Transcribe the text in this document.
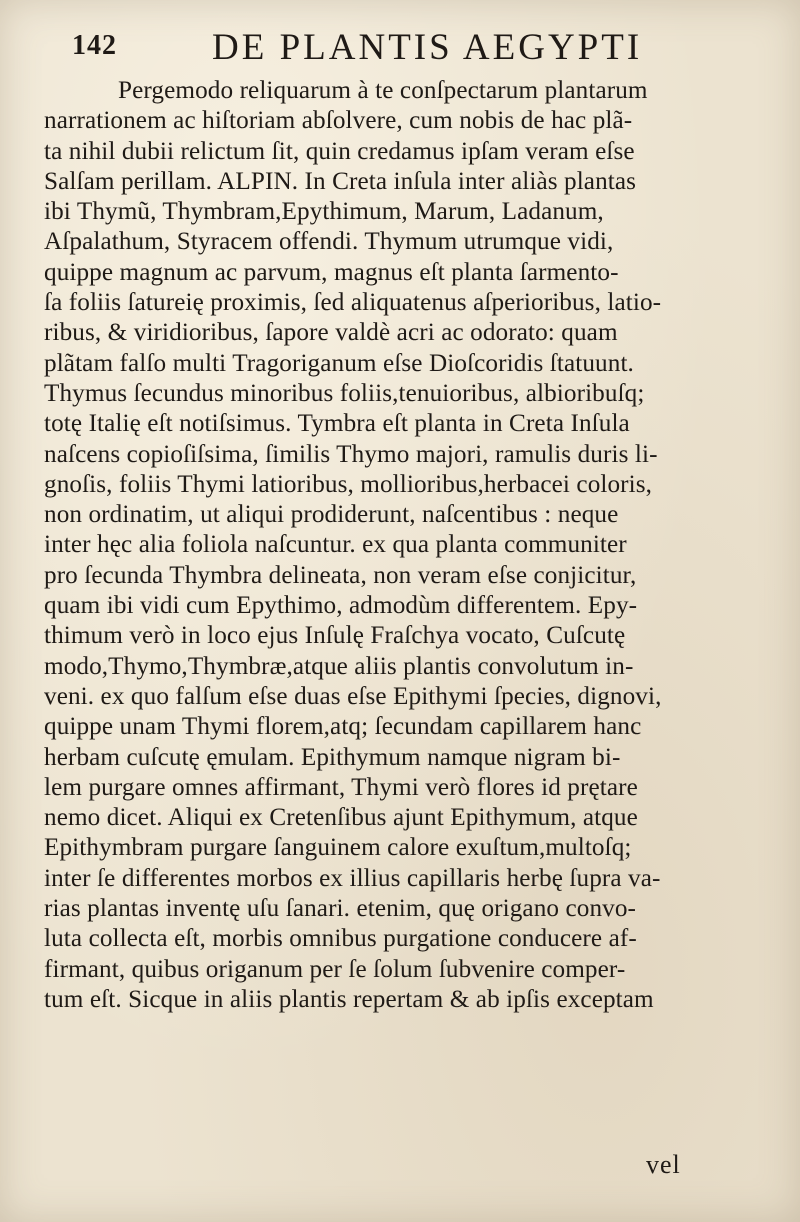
142	DE PLANTIS AEGYPTI
Pergemodo reliquarum à te conſpectarum plantarum
narrationem ac hiſtoriam abſolvere, cum nobis de hac plã-
ta nihil dubii relictum ſit, quin credamus ipſam veram eſse
Salſam perillam. ALPIN. In Creta inſula inter aliàs plantas
ibi Thymũ, Thymbram,Epythimum, Marum, Ladanum,
Aſpalathum, Styracem offendi. Thymum utrumque vidi,
quippe magnum ac parvum, magnus eſt planta ſarmento-
ſa foliis ſatureię proximis, ſed aliquatenus aſperioribus, latio-
ribus, & viridioribus, ſapore valdè acri ac odorato: quam
plãtam falſo multi Tragoriganum eſse Dioſcoridis ſtatuunt.
Thymus ſecundus minoribus foliis,tenuioribus, albioribuſq;
totę Italię eſt notiſsimus. Tymbra eſt planta in Creta Inſula
naſcens copioſiſsima, ſimilis Thymo majori, ramulis duris li-
gnoſis, foliis Thymi latioribus, mollioribus,herbacei coloris,
non ordinatim, ut aliqui prodiderunt, naſcentibus : neque
inter hęc alia foliola naſcuntur. ex qua planta communiter
pro ſecunda Thymbra delineata, non veram eſse conjicitur,
quam ibi vidi cum Epythimo, admodùm differentem. Epy-
thimum verò in loco ejus Inſulę Fraſchya vocato, Cuſcutę
modo,Thymo,Thymbræ,atque aliis plantis convolutum in-
veni. ex quo falſum eſse duas eſse Epithymi ſpecies, dignovi,
quippe unam Thymi florem,atq; ſecundam capillarem hanc
herbam cuſcutę ęmulam. Epithymum namque nigram bi-
lem purgare omnes affirmant, Thymi verò flores id prętare
nemo dicet. Aliqui ex Cretenſibus ajunt Epithymum, atque
Epithymbram purgare ſanguinem calore exuſtum,multoſq;
inter ſe differentes morbos ex illius capillaris herbę ſupra va-
rias plantas inventę uſu ſanari. etenim, quę origano convo-
luta collecta eſt, morbis omnibus purgatione conducere af-
firmant, quibus origanum per ſe ſolum ſubvenire comper-
tum eſt. Sicque in aliis plantis repertam & ab ipſis exceptam
vel
